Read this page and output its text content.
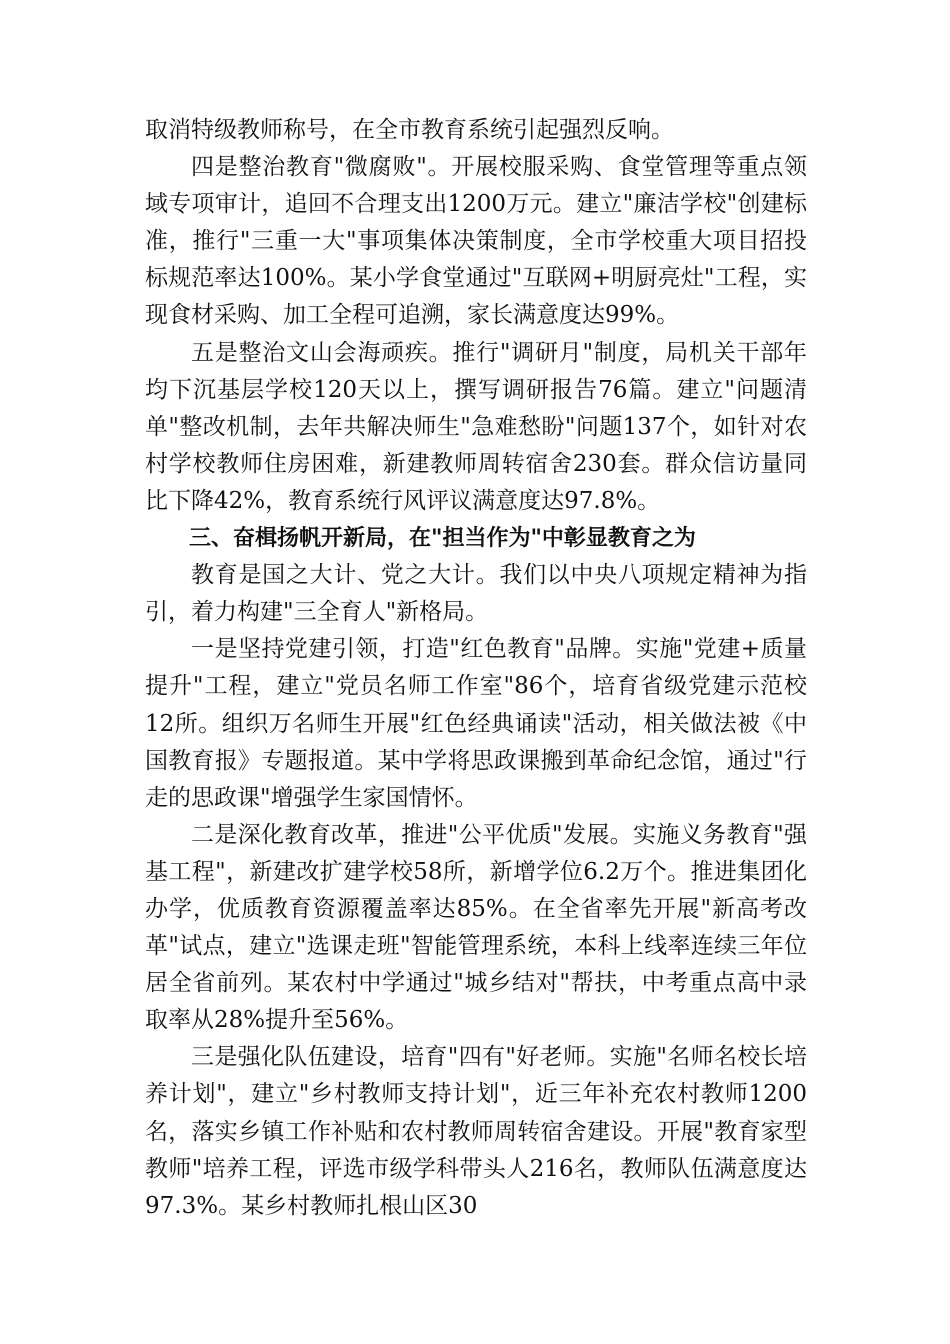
取消特级教师称号，在全市教育系统引起强烈反响。

四是整治教育"微腐败"。开展校服采购、食堂管理等重点领域专项审计，追回不合理支出1200万元。建立"廉洁学校"创建标准，推行"三重一大"事项集体决策制度，全市学校重大项目招投标规范率达100%。某小学食堂通过"互联网+明厨亮灶"工程，实现食材采购、加工全程可追溯，家长满意度达99%。

五是整治文山会海顽疾。推行"调研月"制度，局机关干部年均下沉基层学校120天以上，撰写调研报告76篇。建立"问题清单"整改机制，去年共解决师生"急难愁盼"问题137个，如针对农村学校教师住房困难，新建教师周转宿舍230套。群众信访量同比下降42%，教育系统行风评议满意度达97.8%。

三、奋楫扬帆开新局，在"担当作为"中彰显教育之为

教育是国之大计、党之大计。我们以中央八项规定精神为指引，着力构建"三全育人"新格局。

一是坚持党建引领，打造"红色教育"品牌。实施"党建+质量提升"工程，建立"党员名师工作室"86个，培育省级党建示范校12所。组织万名师生开展"红色经典诵读"活动，相关做法被《中国教育报》专题报道。某中学将思政课搬到革命纪念馆，通过"行走的思政课"增强学生家国情怀。

二是深化教育改革，推进"公平优质"发展。实施义务教育"强基工程"，新建改扩建学校58所，新增学位6.2万个。推进集团化办学，优质教育资源覆盖率达85%。在全省率先开展"新高考改革"试点，建立"选课走班"智能管理系统，本科上线率连续三年位居全省前列。某农村中学通过"城乡结对"帮扶，中考重点高中录取率从28%提升至56%。

三是强化队伍建设，培育"四有"好老师。实施"名师名校长培养计划"，建立"乡村教师支持计划"，近三年补充农村教师1200名，落实乡镇工作补贴和农村教师周转宿舍建设。开展"教育家型教师"培养工程，评选市级学科带头人216名，教师队伍满意度达97.3%。某乡村教师扎根山区30
